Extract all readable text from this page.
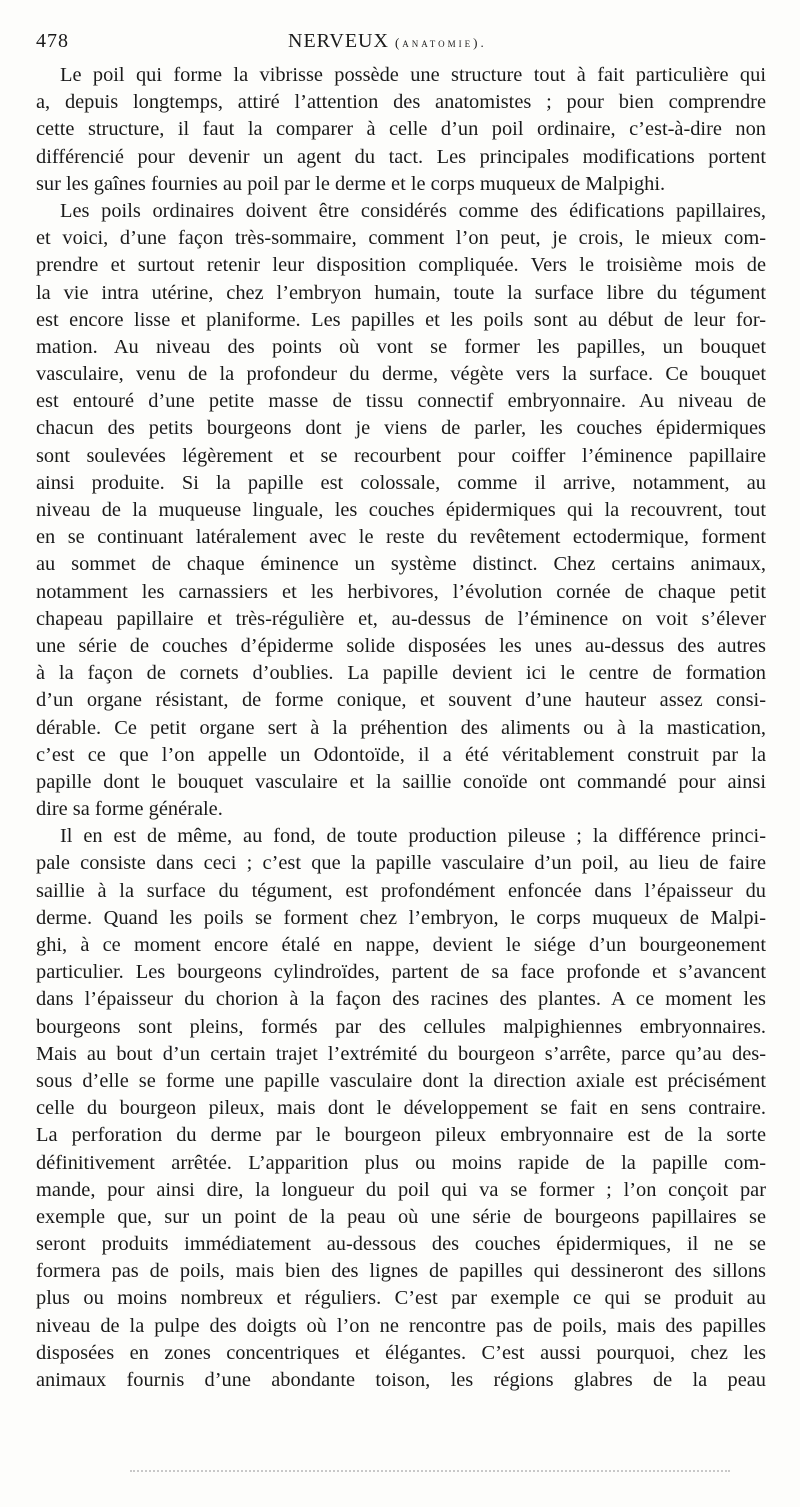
478	NERVEUX (anatomie).
Le poil qui forme la vibrisse possède une structure tout à fait particulière qui
a, depuis longtemps, attiré l’attention des anatomistes ; pour bien comprendre
cette structure, il faut la comparer à celle d’un poil ordinaire, c’est-à-dire non
différencié pour devenir un agent du tact. Les principales modifications portent
sur les gaînes fournies au poil par le derme et le corps muqueux de Malpighi.
Les poils ordinaires doivent être considérés comme des édifications papillaires,
et voici, d’une façon très-sommaire, comment l’on peut, je crois, le mieux com-
prendre et surtout retenir leur disposition compliquée. Vers le troisième mois de
la vie intra utérine, chez l’embryon humain, toute la surface libre du tégument
est encore lisse et planiforme. Les papilles et les poils sont au début de leur for-
mation. Au niveau des points où vont se former les papilles, un bouquet
vasculaire, venu de la profondeur du derme, végète vers la surface. Ce bouquet
est entouré d’une petite masse de tissu connectif embryonnaire. Au niveau de
chacun des petits bourgeons dont je viens de parler, les couches épidermiques
sont soulevées légèrement et se recourbent pour coiffer l’éminence papillaire
ainsi produite. Si la papille est colossale, comme il arrive, notamment, au
niveau de la muqueuse linguale, les couches épidermiques qui la recouvrent, tout
en se continuant latéralement avec le reste du revêtement ectodermique, forment
au sommet de chaque éminence un système distinct. Chez certains animaux,
notamment les carnassiers et les herbivores, l’évolution cornée de chaque petit
chapeau papillaire et très-régulière et, au-dessus de l’éminence on voit s’élever
une série de couches d’épiderme solide disposées les unes au-dessus des autres
à la façon de cornets d’oublies. La papille devient ici le centre de formation
d’un organe résistant, de forme conique, et souvent d’une hauteur assez consi-
dérable. Ce petit organe sert à la préhention des aliments ou à la mastication,
c’est ce que l’on appelle un Odontoïde, il a été véritablement construit par la
papille dont le bouquet vasculaire et la saillie conoïde ont commandé pour ainsi
dire sa forme générale.
Il en est de même, au fond, de toute production pileuse ; la différence princi-
pale consiste dans ceci ; c’est que la papille vasculaire d’un poil, au lieu de faire
saillie à la surface du tégument, est profondément enfoncée dans l’épaisseur du
derme. Quand les poils se forment chez l’embryon, le corps muqueux de Malpi-
ghi, à ce moment encore étalé en nappe, devient le siége d’un bourgeonement
particulier. Les bourgeons cylindroïdes, partent de sa face profonde et s’avancent
dans l’épaisseur du chorion à la façon des racines des plantes. A ce moment les
bourgeons sont pleins, formés par des cellules malpighiennes embryonnaires.
Mais au bout d’un certain trajet l’extrémité du bourgeon s’arrête, parce qu’au des-
sous d’elle se forme une papille vasculaire dont la direction axiale est précisément
celle du bourgeon pileux, mais dont le développement se fait en sens contraire.
La perforation du derme par le bourgeon pileux embryonnaire est de la sorte
définitivement arrêtée. L’apparition plus ou moins rapide de la papille com-
mande, pour ainsi dire, la longueur du poil qui va se former ; l’on conçoit par
exemple que, sur un point de la peau où une série de bourgeons papillaires se
seront produits immédiatement au-dessous des couches épidermiques, il ne se
formera pas de poils, mais bien des lignes de papilles qui dessineront des sillons
plus ou moins nombreux et réguliers. C’est par exemple ce qui se produit au
niveau de la pulpe des doigts où l’on ne rencontre pas de poils, mais des papilles
disposées en zones concentriques et élégantes. C’est aussi pourquoi, chez les
animaux fournis d’une abondante toison, les régions glabres de la peau
